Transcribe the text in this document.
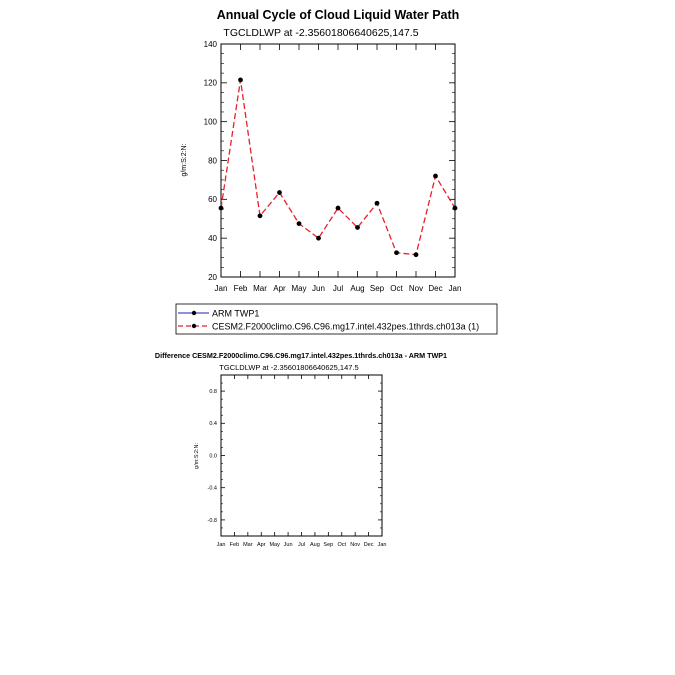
Annual Cycle of Cloud Liquid Water Path
TGCLDLWP at -2.35601806640625,147.5
g/m:S:2:N:
Jan Feb Mar Apr May Jun Jul Aug Sep Oct Nov Dec Jan
20
40
60
80
100
120
140
ARM TWP1
CESM2.F2000climo.C96.C96.mg17.intel.432pes.1thrds.ch013a (1)
Difference CESM2.F2000climo.C96.C96.mg17.intel.432pes.1thrds.ch013a - ARM TWP1
TGCLDLWP at -2.35601806640625,147.5
g/m:S:2:N:
Jan Feb Mar Apr May Jun Jul Aug Sep Oct Nov Dec Jan
-0.8
-0.4
0.0
0.4
0.8
